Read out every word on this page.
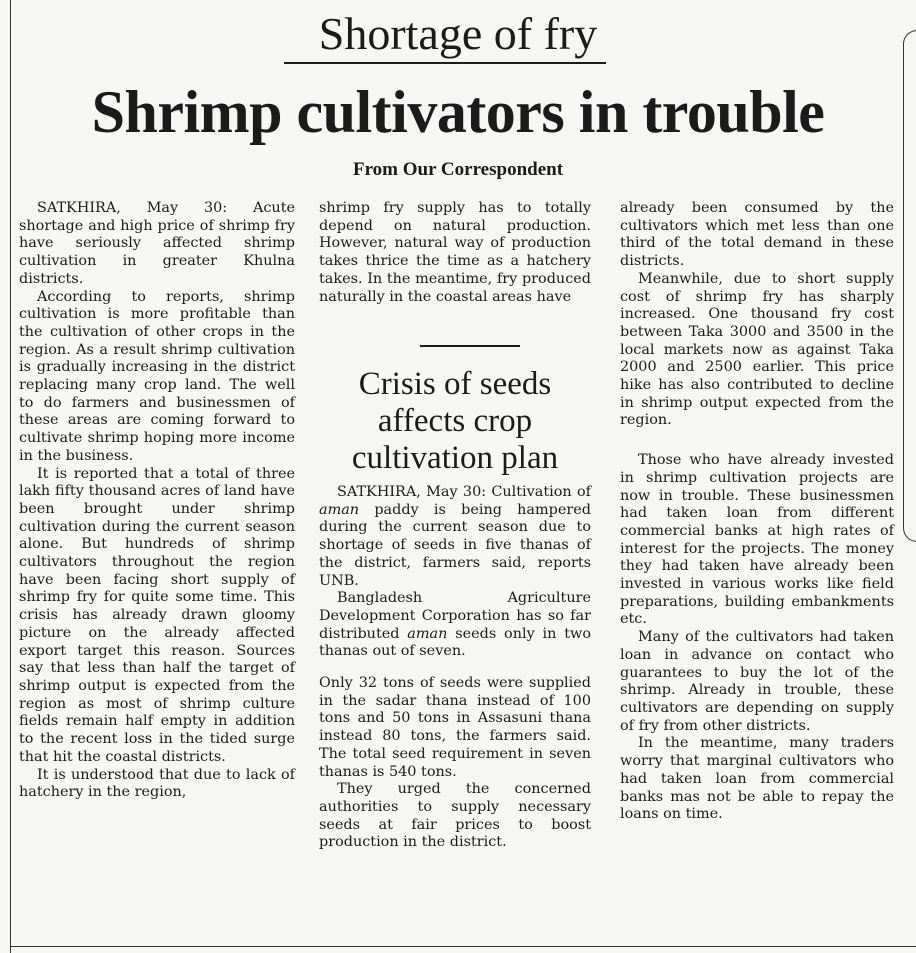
Shortage of fry
Shrimp cultivators in trouble
From Our Correspondent

SATKHIRA, May 30: Acute shortage and high price of shrimp fry have seriously affected shrimp cultivation in greater Khulna districts.

According to reports, shrimp cultivation is more profitable than the cultivation of other crops in the region. As a result shrimp cultivation is gradually increasing in the district replacing many crop land. The well to do farmers and businessmen of these areas are coming forward to cultivate shrimp hoping more income in the business.

It is reported that a total of three lakh fifty thousand acres of land have been brought under shrimp cultivation during the current season alone. But hundreds of shrimp cultivators throughout the region have been facing short supply of shrimp fry for quite some time. This crisis has already drawn gloomy picture on the already affected export target this reason. Sources say that less than half the target of shrimp output is expected from the region as most of shrimp culture fields remain half empty in addition to the recent loss in the tided surge that hit the coastal districts.

It is understood that due to lack of hatchery in the region,

shrimp fry supply has to totally depend on natural production. However, natural way of production takes thrice the time as a hatchery takes. In the meantime, fry produced naturally in the coastal areas have

Crisis of seeds affects crop cultivation plan

SATKHIRA, May 30: Cultivation of aman paddy is being hampered during the current season due to shortage of seeds in five thanas of the district, farmers said, reports UNB.

Bangladesh Agriculture Development Corporation has so far distributed aman seeds only in two thanas out of seven.

Only 32 tons of seeds were supplied in the sadar thana instead of 100 tons and 50 tons in Assasuni thana instead 80 tons, the farmers said. The total seed requirement in seven thanas is 540 tons.

They urged the concerned authorities to supply necessary seeds at fair prices to boost production in the district.

already been consumed by the cultivators which met less than one third of the total demand in these districts.

Meanwhile, due to short supply cost of shrimp fry has sharply increased. One thousand fry cost between Taka 3000 and 3500 in the local markets now as against Taka 2000 and 2500 earlier. This price hike has also contributed to decline in shrimp output expected from the region.

Those who have already invested in shrimp cultivation projects are now in trouble. These businessmen had taken loan from different commercial banks at high rates of interest for the projects. The money they had taken have already been invested in various works like field preparations, building embankments etc.

Many of the cultivators had taken loan in advance on contact who guarantees to buy the lot of the shrimp. Already in trouble, these cultivators are depending on supply of fry from other districts.

In the meantime, many traders worry that marginal cultivators who had taken loan from commercial banks mas not be able to repay the loans on time.
